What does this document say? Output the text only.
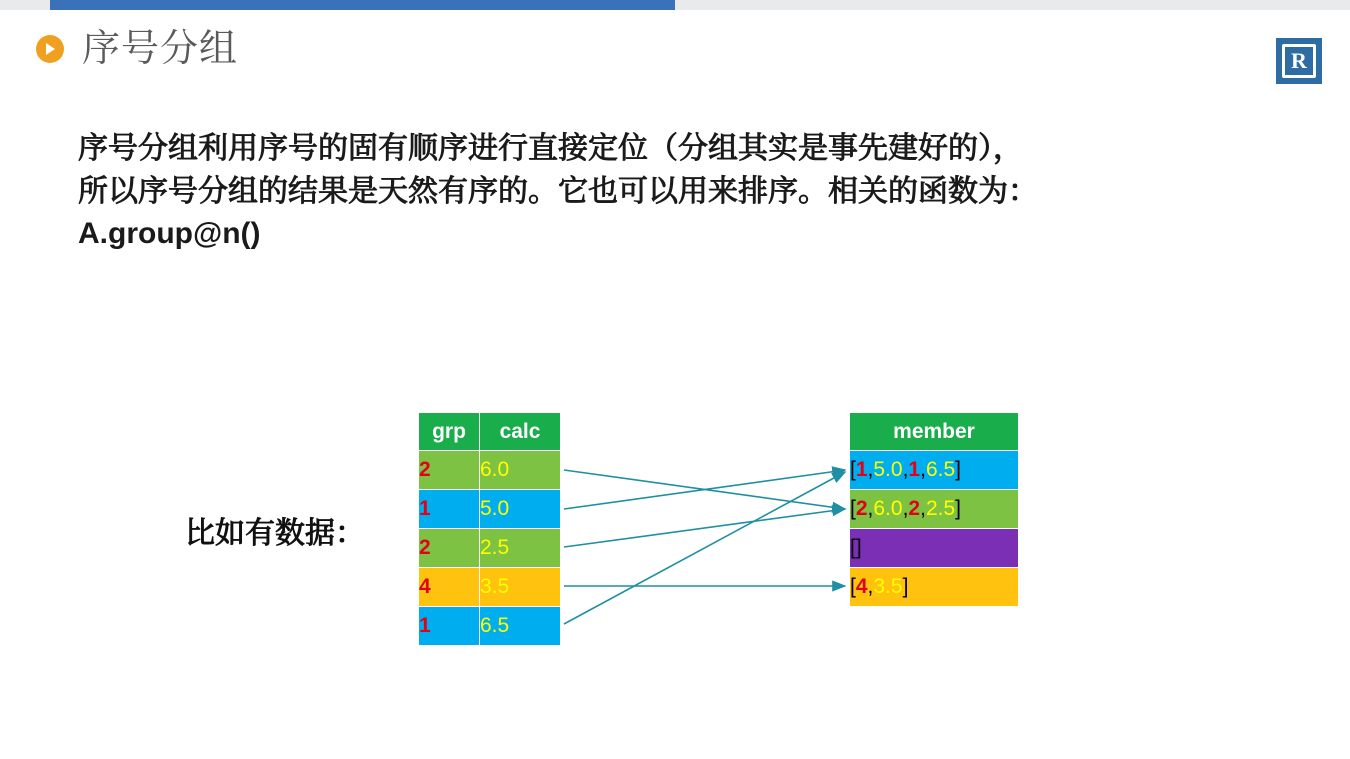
序号分组	R
序号分组利用序号的固有顺序进行直接定位（分组其实是事先建好的），
所以序号分组的结果是天然有序的。它也可以用来排序。相关的函数为：
A.group@n()
比如有数据：
grp	calc
2	6.0
1	5.0
2	2.5
4	3.5
1	6.5
member
[1,5.0,1,6.5]
[2,6.0,2,2.5]
[]
[4,3.5]
